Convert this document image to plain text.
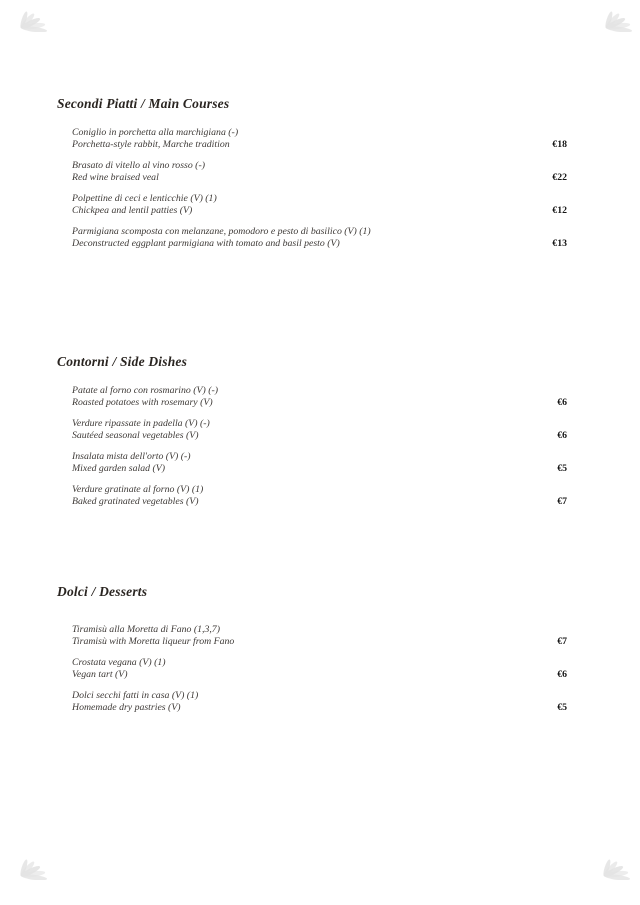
Secondi Piatti / Main Courses
Coniglio in porchetta alla marchigiana (-)
Porchetta-style rabbit, Marche tradition	€18
Brasato di vitello al vino rosso (-)
Red wine braised veal	€22
Polpettine di ceci e lenticchie (V) (1)
Chickpea and lentil patties (V)	€12
Parmigiana scomposta con melanzane, pomodoro e pesto di basilico (V) (1)
Deconstructed eggplant parmigiana with tomato and basil pesto (V)	€13
Contorni / Side Dishes
Patate al forno con rosmarino (V) (-)
Roasted potatoes with rosemary (V)	€6
Verdure ripassate in padella (V) (-)
Sautéed seasonal vegetables (V)	€6
Insalata mista dell'orto (V) (-)
Mixed garden salad (V)	€5
Verdure gratinate al forno (V) (1)
Baked gratinated vegetables (V)	€7
Dolci / Desserts
Tiramisù alla Moretta di Fano (1,3,7)
Tiramisù with Moretta liqueur from Fano	€7
Crostata vegana (V) (1)
Vegan tart (V)	€6
Dolci secchi fatti in casa (V) (1)
Homemade dry pastries (V)	€5
